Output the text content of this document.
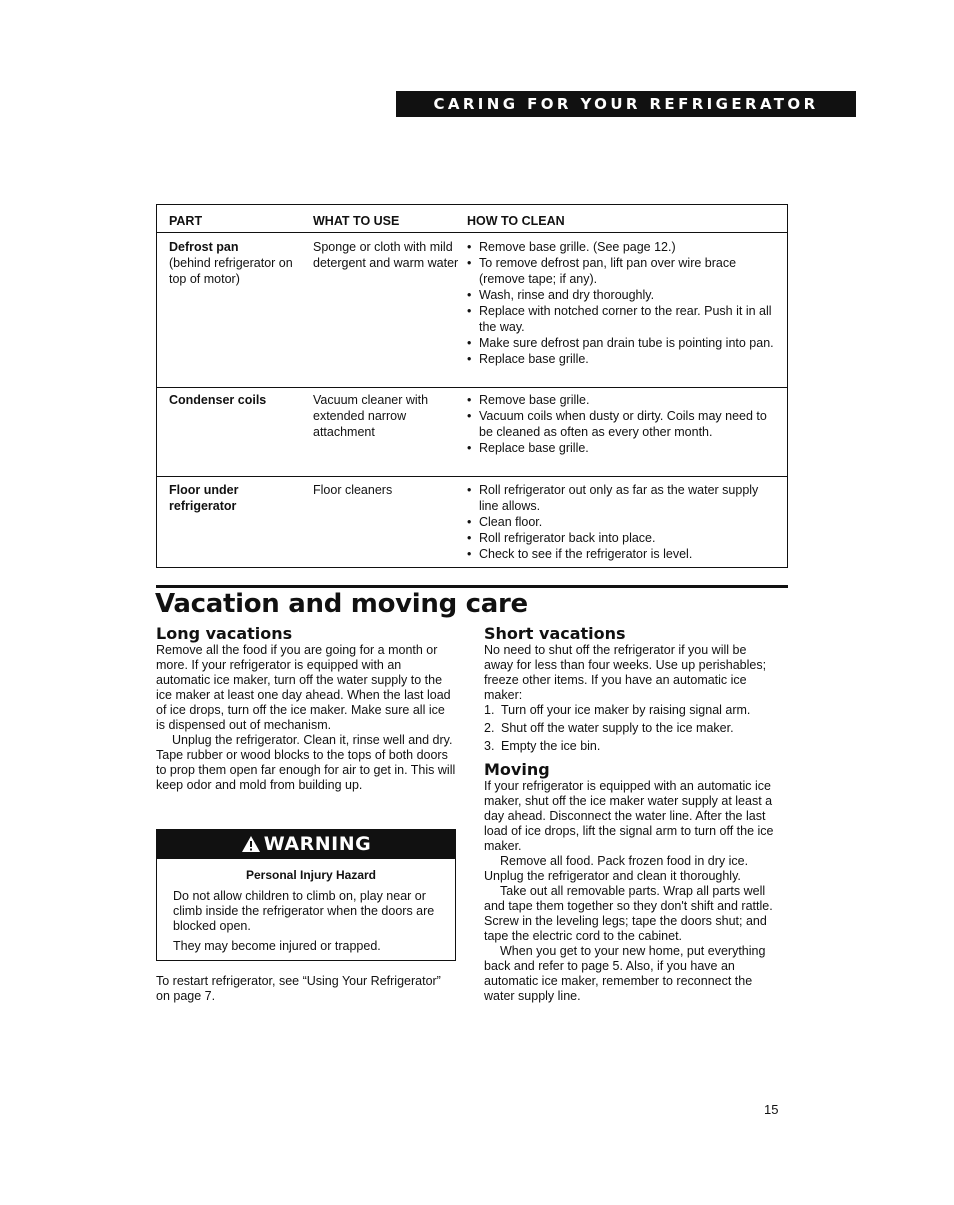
CARING FOR YOUR REFRIGERATOR
PART	WHAT TO USE	HOW TO CLEAN
Defrost pan
(behind refrigerator on top of motor)
Sponge or cloth with mild detergent and warm water
• Remove base grille. (See page 12.)
• To remove defrost pan, lift pan over wire brace (remove tape; if any).
• Wash, rinse and dry thoroughly.
• Replace with notched corner to the rear. Push it in all the way.
• Make sure defrost pan drain tube is pointing into pan.
• Replace base grille.
Condenser coils	Vacuum cleaner with extended narrow attachment
• Remove base grille.
• Vacuum coils when dusty or dirty. Coils may need to be cleaned as often as every other month.
• Replace base grille.
Floor under refrigerator
Floor cleaners
•	Roll refrigerator out only as far as the water supply line allows.
• Clean floor.
• Roll refrigerator back into place.
• Check to see if the refrigerator is level.
Vacation and moving care
Long vacations

Remove all the food if you are going for a month or more. If your refrigerator is equipped with an automatic ice maker, turn off the water supply to the ice maker at least one day ahead. When the last load of ice drops, turn off the ice maker. Make sure all ice is dispensed out of mechanism.

Unplug the refrigerator. Clean it, rinse well and dry. Tape rubber or wood blocks to the tops of both doors to prop them open far enough for air to get in. This will keep odor and mold from building up.

WARNING
Personal Injury Hazard

Do not allow children to climb on, play near or climb inside the refrigerator when the doors are blocked open.

They may become injured or trapped.

To restart refrigerator, see “Using Your Refrigerator” on page 7.

Short vacations

No need to shut off the refrigerator if you will be away for less than four weeks. Use up perishables; freeze other items. If you have an automatic ice maker:

1. Turn off your ice maker by raising signal arm.
2. Shut off the water supply to the ice maker.
3. Empty the ice bin.
Moving

If your refrigerator is equipped with an automatic ice maker, shut off the ice maker water supply at least a day ahead. Disconnect the water line. After the last load of ice drops, lift the signal arm to turn off the ice maker.

Remove all food. Pack frozen food in dry ice. Unplug the refrigerator and clean it thoroughly.

Take out all removable parts. Wrap all parts well and tape them together so they don't shift and rattle. Screw in the leveling legs; tape the doors shut; and tape the electric cord to the cabinet.

When you get to your new home, put everything back and refer to page 5. Also, if you have an automatic ice maker, remember to reconnect the water supply line.

15
